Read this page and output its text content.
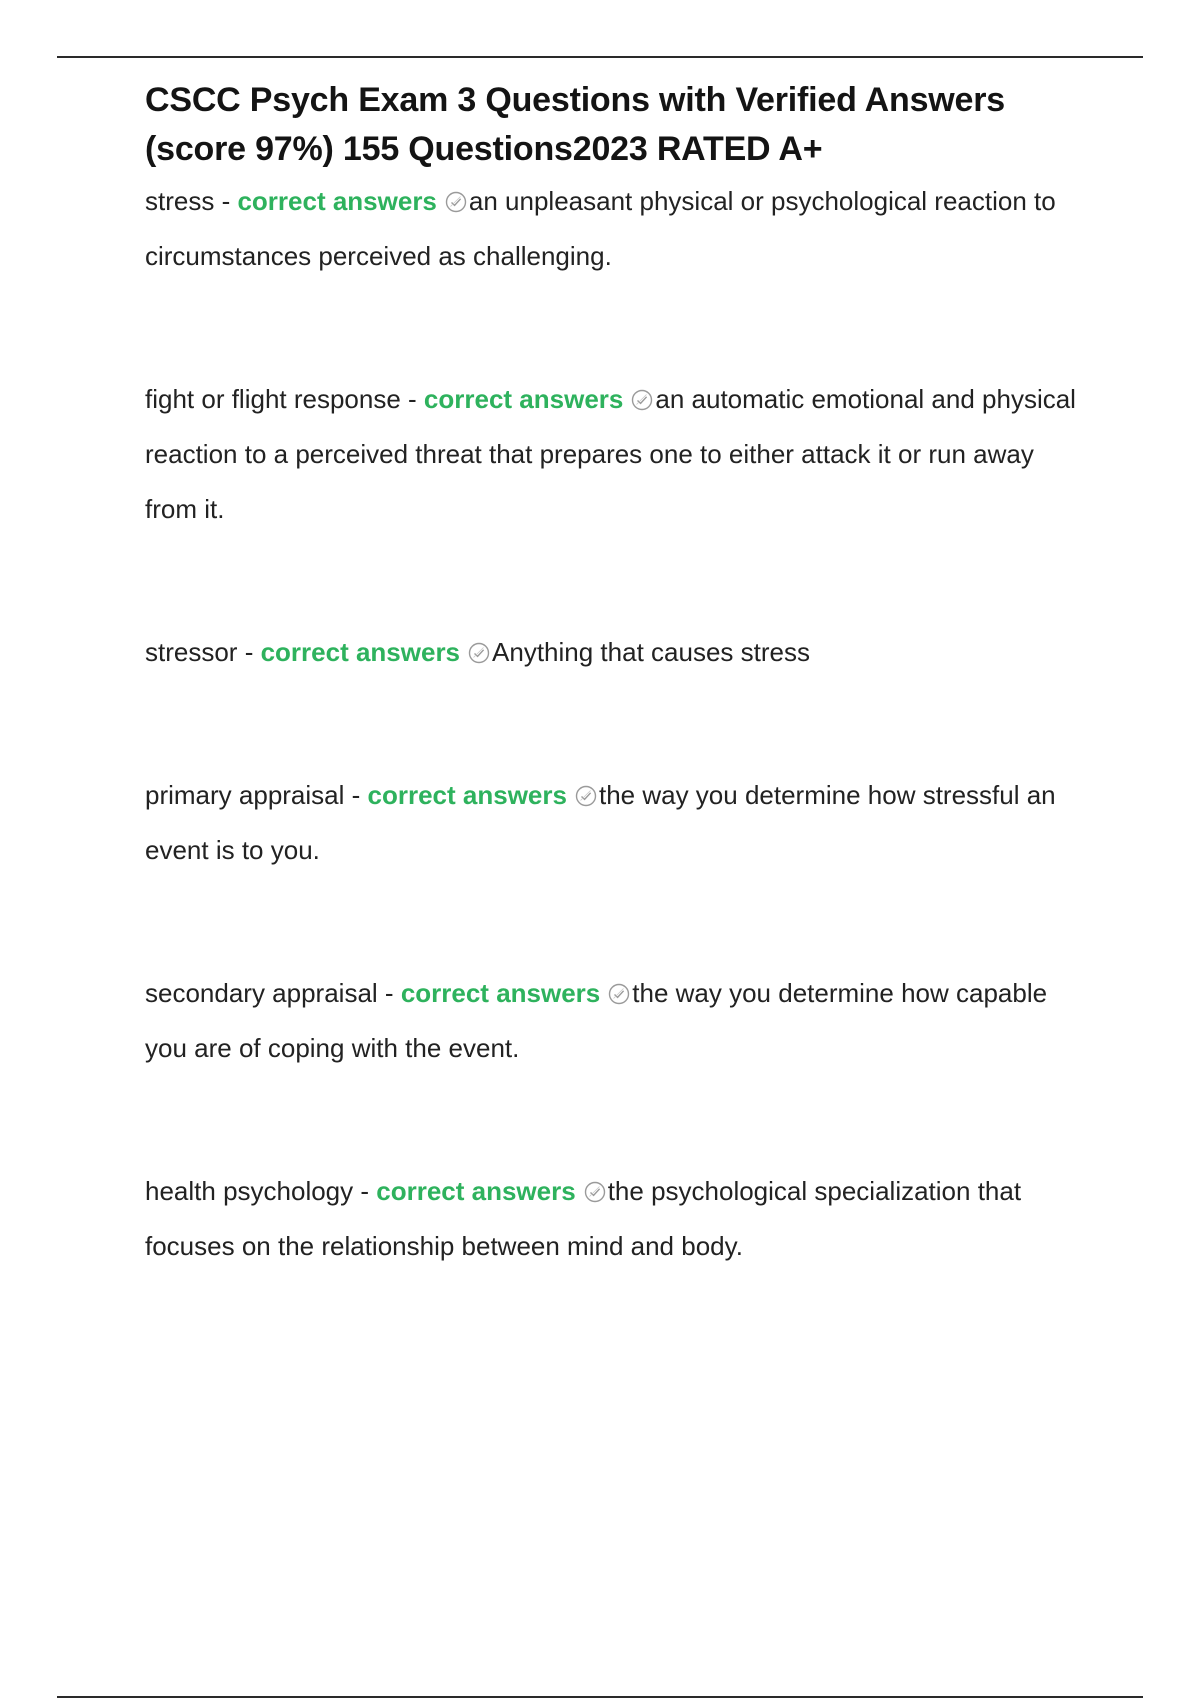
CSCC Psych Exam 3 Questions with Verified Answers
(score 97%) 155 Questions2023 RATED A+
stress - correct answers an unpleasant physical or psychological reaction to circumstances perceived as challenging.
fight or flight response - correct answers an automatic emotional and physical reaction to a perceived threat that prepares one to either attack it or run away from it.
stressor - correct answers Anything that causes stress
primary appraisal - correct answers the way you determine how stressful an event is to you.
secondary appraisal - correct answers the way you determine how capable you are of coping with the event.
health psychology - correct answers the psychological specialization that focuses on the relationship between mind and body.
